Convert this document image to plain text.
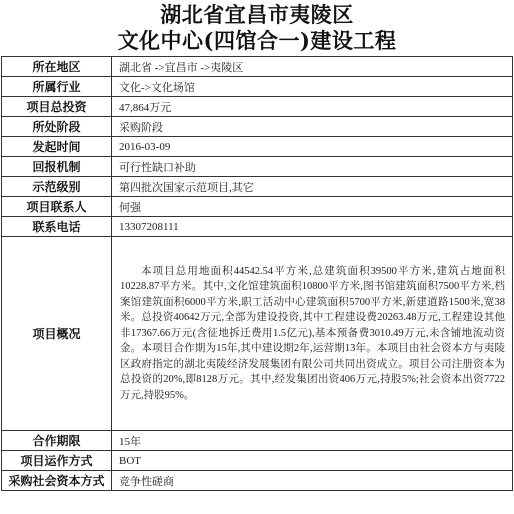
湖北省宜昌市夷陵区
文化中心(四馆合一)建设工程
所在地区	湖北省 ->宜昌市 ->夷陵区
所属行业	文化->文化场馆
项目总投资	47,864万元
所处阶段	采购阶段
发起时间	2016-03-09
回报机制	可行性缺口补助
示范级别	第四批次国家示范项目,其它
项目联系人	何强
联系电话	13307208111
项目概况	本项目总用地面积44542.54平方米,总建筑面积39500平方米,建筑占地面积10228.87平方米。其中,文化馆建筑面积10800平方米,图书馆建筑面积7500平方米,档案馆建筑面积6000平方米,职工活动中心建筑面积5700平方米,新建道路1500米,宽38米。总投资40642万元,全部为建设投资,其中工程建设费20263.48万元,工程建设其他非17367.66万元(含征地拆迁费用1.5亿元),基本预备费3010.49万元,未含铺地流动资金。本项目合作期为15年,其中建设期2年,运营期13年。本项目由社会资本方与夷陵区政府指定的湖北夷陵经济发展集团有限公司共同出资成立。项目公司注册资本为总投资的20%,即8128万元。其中,经发集团出资406万元,持股5%;社会资本出资7722万元,持股95%。

合作期限	15年
项目运作方式	BOT
采购社会资本方式	竞争性磋商
